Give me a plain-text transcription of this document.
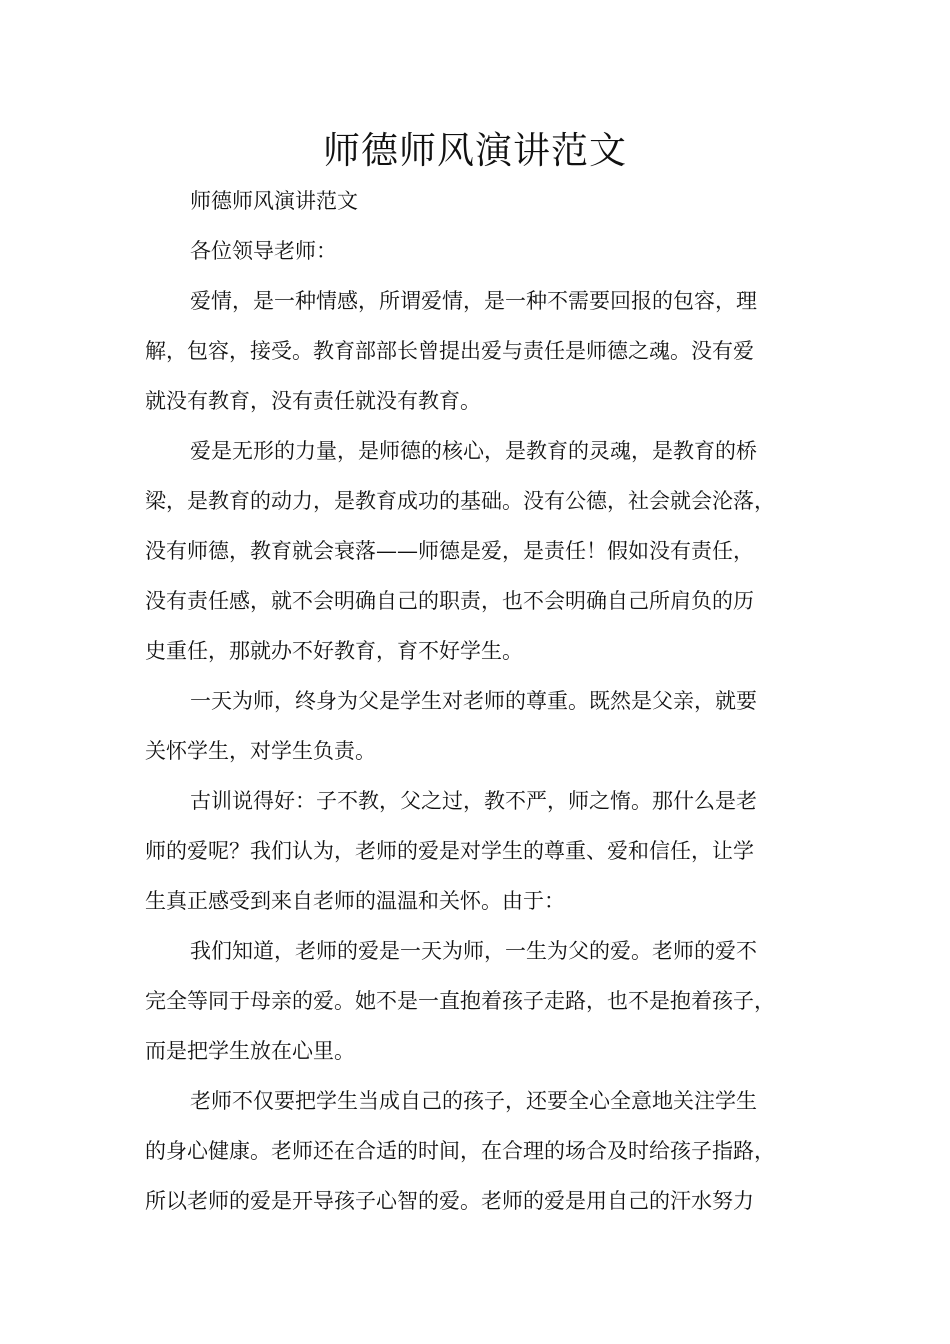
师德师风演讲范文

师德师风演讲范文

各位领导老师：

爱情，是一种情感，所谓爱情，是一种不需要回报的包容，理
解，包容，接受。教育部部长曾提出爱与责任是师德之魂。没有爱
就没有教育，没有责任就没有教育。

爱是无形的力量，是师德的核心，是教育的灵魂，是教育的桥
梁，是教育的动力，是教育成功的基础。没有公德，社会就会沦落，
没有师德，教育就会衰落——师德是爱，是责任！假如没有责任，
没有责任感，就不会明确自己的职责，也不会明确自己所肩负的历
史重任，那就办不好教育，育不好学生。

一天为师，终身为父是学生对老师的尊重。既然是父亲，就要
关怀学生，对学生负责。

古训说得好：子不教，父之过，教不严，师之惰。那什么是老
师的爱呢？我们认为，老师的爱是对学生的尊重、爱和信任，让学
生真正感受到来自老师的温温和关怀。由于：

我们知道，老师的爱是一天为师，一生为父的爱。老师的爱不
完全等同于母亲的爱。她不是一直抱着孩子走路，也不是抱着孩子，
而是把学生放在心里。

老师不仅要把学生当成自己的孩子，还要全心全意地关注学生
的身心健康。老师还在合适的时间，在合理的场合及时给孩子指路，
所以老师的爱是开导孩子心智的爱。老师的爱是用自己的汗水努力
